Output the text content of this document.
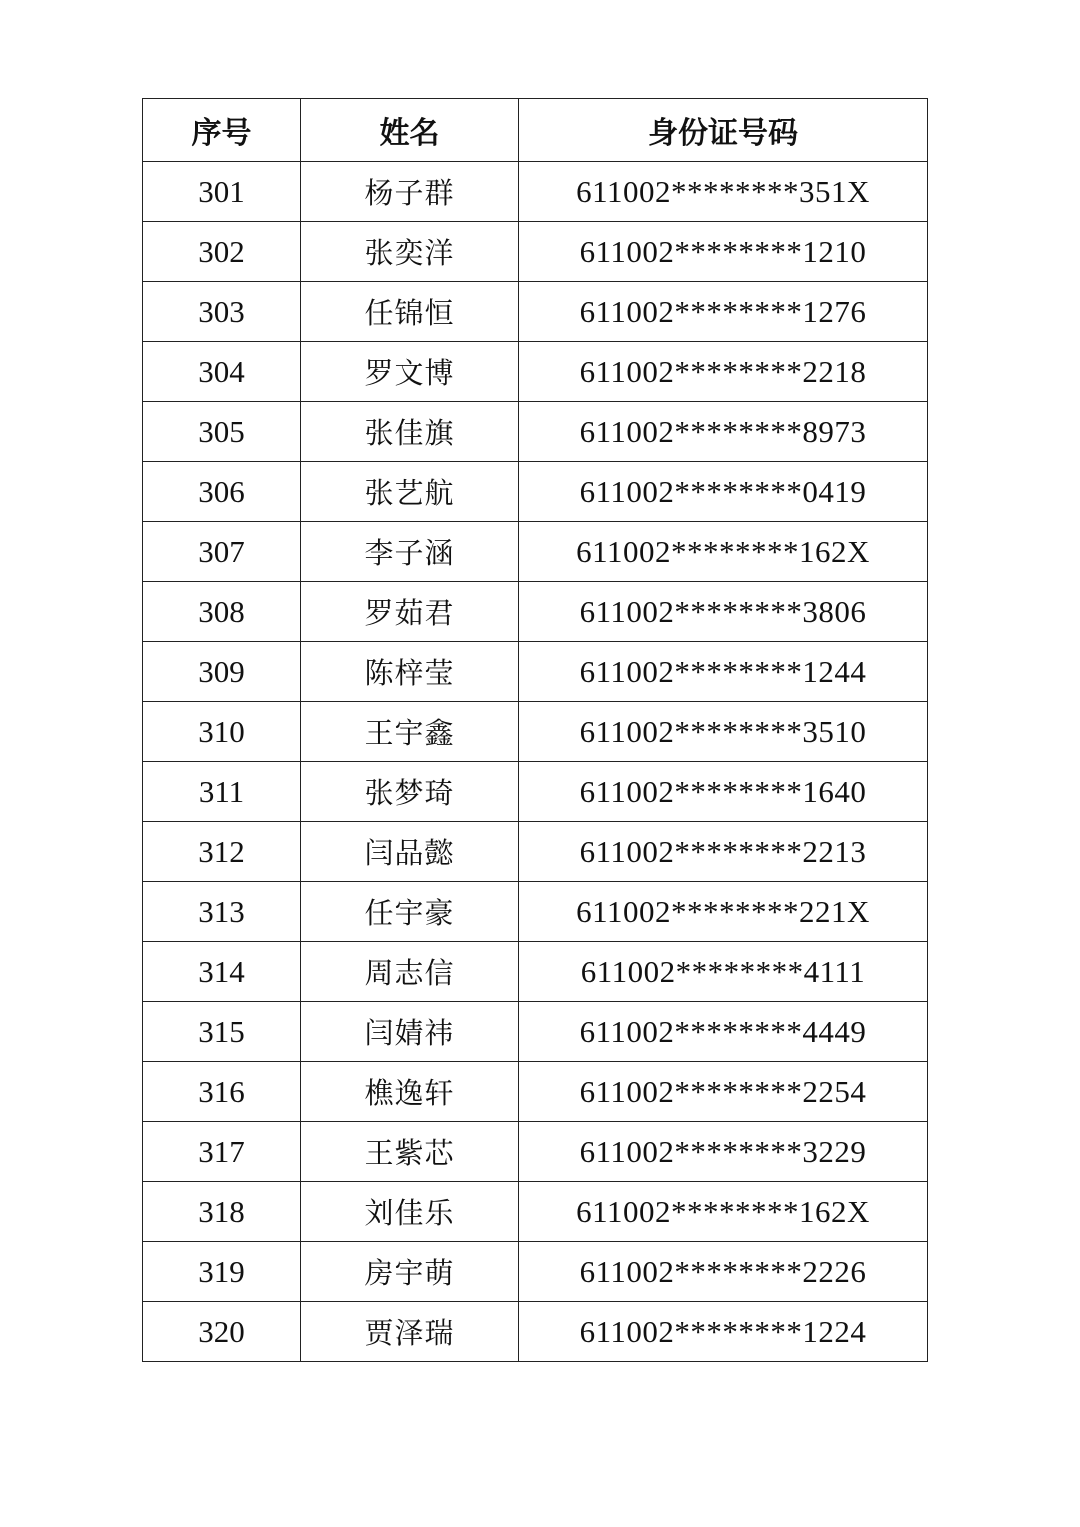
序号	姓名	身份证号码
301	杨子群	611002********351X
302	张奕洋	611002********1210
303	任锦恒	611002********1276
304	罗文博	611002********2218
305	张佳旗	611002********8973
306	张艺航	611002********0419
307	李子涵	611002********162X
308	罗茹君	611002********3806
309	陈梓莹	611002********1244
310	王宇鑫	611002********3510
311	张梦琦	611002********1640
312	闫品懿	611002********2213
313	任宇豪	611002********221X
314	周志信	611002********4111
315	闫婧祎	611002********4449
316	樵逸轩	611002********2254
317	王紫芯	611002********3229
318	刘佳乐	611002********162X
319	房宇萌	611002********2226
320	贾泽瑞	611002********1224
